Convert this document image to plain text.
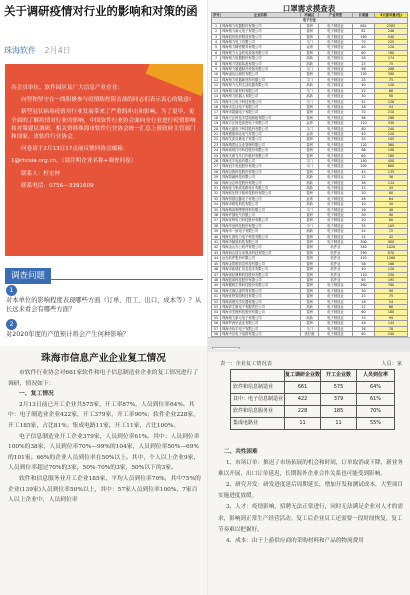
关于调研疫情对行业的影响和对策的函
珠海软件 2月4日

各会员单位、软件园区及广大信息产业企业：

向坚和坚守在一线积极参与疫情防控阻击战的同志们表示衷心的敬意!

新型冠状病毒疫情对行业发展带来了严重的冲击和影响。为了更早、更全面的了解疫情对行业的影响，中国软件行业协会面向全行业进行疫情影响和对策建议调研，相关资料珠海市软件行业协会统一汇总上报政府主管部门和国家、省软件行业协会。

问卷请于2月13日17点前反馈回协会邮箱：

1@rhzsia.org.cn。（请注明企业名称+调查问卷）

联系人：杜宏梓

联系电话：0756—3391609

调查问题
1
对本单位的影响程度表现哪些方面（订单、用工、出口、成本等）？从长远来看会有哪些方面？
2
对2020年度的产值预计将会产生何种影响？
珠海市信息产业企业复工情况

市软件行业协会对661家软件和电子信息制造业企业的复工情况进行了调研，情况如下：

一、复工情况

2月13日前已开工企业共575家，开工率87%，人员到位率64%。其中：电子制造业企业422家，开工379家，开工率90%；软件企业228家，开工185家，占比81%；集成电路11家，开工11家，占比100%。

电子信息制造业开工企业379家，人员到位率61%。其中：人员到位率100%的38家，人员到位率70%—99%的104家，人员到位率50%—69%的101家。66%的企业人员到位率在50%以上。其中，个人以上企业9家，人员到位率超过70%的3家，50%-70%的3家，50%以下的3家。

软件和信息服务业开工企业185家，平均人员到位率70%，其中75%的企业(139家)人员到位率50%以上，其中：57家人员到位率100%，7家百人以上企业中，人员到位率

口罩需求摸查表
序号	企业名称	所属区	产业类型	日需量	3天需求量(包)
电子行业					
1	珠海格力电器股份有限公司	香洲	电子制造业	861	2583
2	珠海格力新元电子有限公司	香洲	电子制造业	82	246
3	珠海凯邦电机制造有限公司	香洲	电子制造业	180	540
4	珠海格力电工有限公司	斗门	电子制造业	75	225
5	珠海格力精密模具有限公司	金湾	电子制造业	40	120
6	珠海格力大金机电设备有限公司	香洲	电子制造业	60	180
7	珠海格力电器股份有限公司	高新	电子制造业	58	174
8	珠海格力智能装备有限公司	高新	电子制造业	25	75
9	珠海格力暖通制冷设备有限公司	斗门	电子制造业	96	288
10	珠海凌达压缩机有限公司	香洲	电子制造业	130	390
11	珠海格力电器新材料有限公司	斗门	电子制造业	25	75
12	珠海格力大松生活电器有限公司	高新	电子制造业	40	120
13	珠海格力新材料有限公司	斗门	电子制造业	22	66
14	珠海格力机器人有限公司	高新	电子制造业	30	90
15	珠海丰立电子科技有限公司	斗门	电子制造业	42	126
16	珠海市宏达电子有限公司	香洲	电子制造业	18	54
17	珠海市超毅电子有限公司	香洲	电子制造业	70	210
18	珠海方正科技多层电路板有限公司	香洲	电子制造业	96	288
19	珠海方正科技高密电子有限公司	金湾	电子制造业	110	330
20	珠海元盛电子科技股份有限公司	斗门	电子制造业	80	240
21	珠海德豪润达电气有限公司	金湾	电子制造业	40	120
22	珠海艾派克微电子有限公司	香洲	电子制造业	35	105
23	珠海纳思达企业管理有限公司	香洲	电子制造业	120	360
24	珠海赛纳打印科技股份有限公司	香洲	电子制造业	66	198
25	珠海天威飞马打印耗材有限公司	香洲	电子制造业	60	180
26	珠海光宇电池有限公司	斗门	电子制造业	150	450
27	珠海冠宇电池股份有限公司	斗门	电子制造业	200	600
28	珠海汉胜科技股份有限公司	香洲	电子制造业	45	135
29	珠海智融科技有限公司	高新	电子制造业	12	36
30	珠海全志科技股份有限公司	高新	电子制造业	38	114
31	珠海炬力集成电路设计有限公司	高新	电子制造业	15	45
32	珠海欧比特宇航科技股份有限公司	香洲	电子制造业	20	60
33	珠海恒基达鑫电子有限公司	金湾	电子制造业	28	84
34	珠海市联电科技有限公司	高新	电子制造业	10	30
35	珠海格莱利摩擦材料有限公司	斗门	电子制造业	16	48
36	珠海许继电气有限公司	香洲	电子制造业	30	90
37	珠海优特电力科技股份有限公司	香洲	电子制造业	20	60
38	珠海华冠科技股份有限公司	斗门	电子制造业	35	105
39	珠海市一致电子有限公司	高新	电子制造业	24	72
40	珠海九源电力电子科技有限公司	香洲	电子制造业	14	42
41	珠海市魅族科技有限公司	香洲	电子制造业	300	900
42	珠海金山办公软件有限公司	香洲	软件业	340	1020
43	珠海西山居互动娱乐科技有限公司	香洲	软件业	290	870
44	远光软件股份有限公司	香洲	软件业	420	1260
45	珠海金智维信息科技有限公司	香洲	软件业	56	168
46	珠海市新德汇信息技术有限公司	香洲	软件业	40	120
47	珠海世纪鼎利科技股份有限公司	香洲	软件业	110	330
48	珠海派诺科技股份有限公司	香洲	软件业	65	195
49	珠海健帆生物科技股份有限公司	香洲	电子制造业	260	780
50	珠海天威泛凌贸易有限公司	香洲	电子制造业	30	90
51	珠海优特智厨科技有限公司	香洲	电子制造业	25	75
52	珠海真理光学仪器有限公司	香洲	电子制造业	18	54
53	珠海昇生微电子有限责任公司	高新	电子制造业	22	66
54	珠海市杰理科技股份有限公司	香洲	电子制造业	60	180
55	珠海格力新元电子有限公司	高新	电子制造业	33	99
56	珠海罗西尼表业有限公司	香洲	电子制造业	48	144
57	珠海市协宇电子有限公司	斗门	电子制造业	26	78
58	珠海中京电子电路有限公司	高栏港	电子制造业	80	240

表一：企业复工情况表	人员：家
	复工调研企业数	开工企业数	人员到位率
软件和信息制造业	661	575	64%
其中：电子信息制造业	422	379	61%
软件和信息服务业	228	185	70%
集成电路业	11	11	55%

二、共性困难

1、市场订单：推迟了市场拓展的机会和时间，订单取消或下降，新业务难以开展，出口订单延迟，长期海外企业合作关系也可能受到影响。

2、研究开发：研发进度延后周期延长，增加开发和测试成本，大型项目实施进度放缓。

3、人才：疫情影响，招聘无法正常进行，同时无法满足企业对人才的需求，影响到正常生产经营活动。复工后企业员工还需要一段时间恢复，复工节奏难以把握好。

4、成本：由于上游供应商的采购材料和产品的物流费用
